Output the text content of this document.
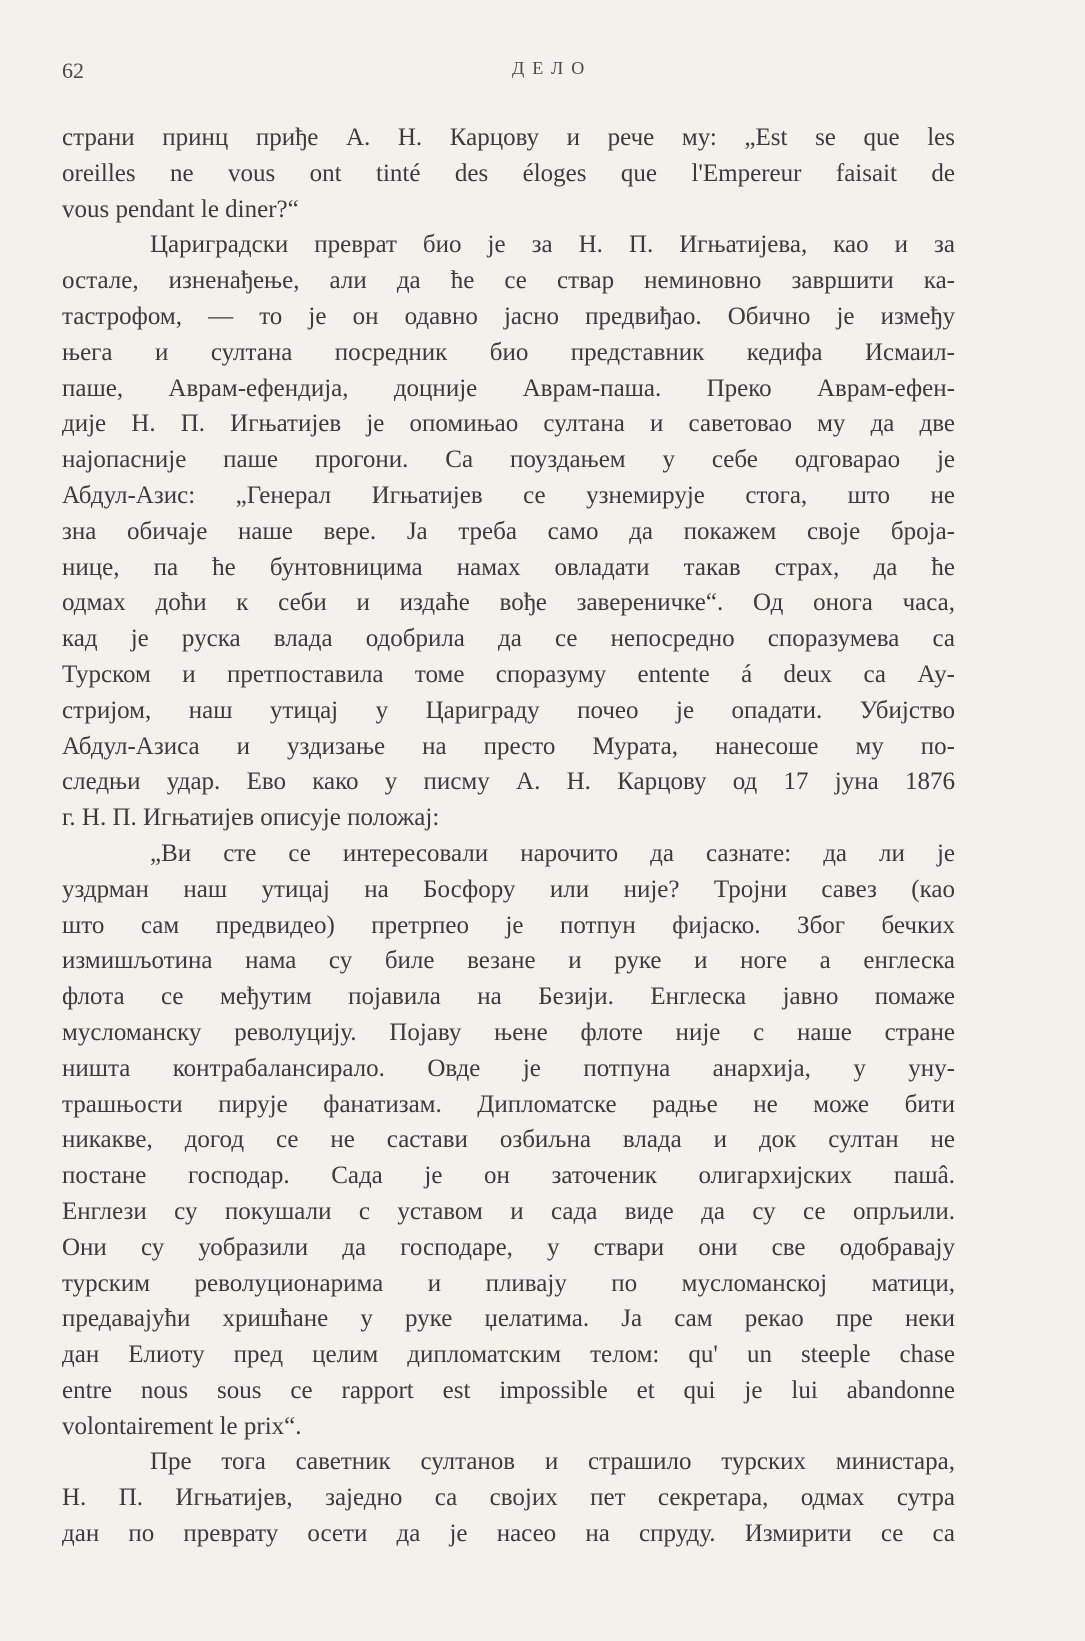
62	ДЕЛО
страни принц приђе А. Н. Карцову и рече му: „Est se que les
oreilles ne vous ont tinté des éloges que l'Empereur faisait de
vous pendant le diner?“
Цариградски преврат био је за Н. П. Игњатијева, као и за
остале, изненађење, али да ће се ствар неминовно завршити ка-
тастрофом, — то је он одавно јасно предвиђао. Обично је између
њега и султана посредник био представник кедифа Исмаил-
паше, Аврам-ефендија, доцније Аврам-паша. Преко Аврам-ефен-
дије Н. П. Игњатијев је опомињао султана и саветовао му да две
најопасније паше прогони. Са поуздањем у себе одговарао је
Абдул-Азис: „Генерал Игњатијев се узнемирује стога, што не
зна обичаје наше вере. Ја треба само да покажем своје броја-
нице, па ће бунтовницима намах овладати такав страх, да ће
одмах доћи к себи и издаће вође завереничке“. Од онога часа,
кад је руска влада одобрила да се непосредно споразумева са
Турском и претпоставила томе споразуму entente á deux са Ау-
стријом, наш утицај у Цариграду почео је опадати. Убијство
Абдул-Азиса и уздизање на престо Мурата, нанесоше му по-
следњи удар. Ево како у писму А. Н. Карцову од 17 јуна 1876
г. Н. П. Игњатијев описује положај:
„Ви сте се интересовали нарочито да сазнате: да ли је
уздрман наш утицај на Босфору или није? Тројни савез (као
што сам предвидео) претрпео је потпун фијаско. Због бечких
измишљотина нама су биле везане и руке и ноге а енглеска
флота се међутим појавила на Безији. Енглеска јавно помаже
мусломанску револуцију. Појаву њене флоте није с наше стране
ништа контрабалансирало. Овде је потпуна анархија, у уну-
трашњости пирује фанатизам. Дипломатске радње не може бити
никакве, догод се не састави озбиљна влада и док султан не
постане господар. Сада је он заточеник олигархијских пашâ.
Енглези су покушали с уставом и сада виде да су се опрљили.
Они су уобразили да господаре, у ствари они све одобравају
турским револуционарима и пливају по мусломанској матици,
предавајући хришћане у руке џелатима. Ја сам рекао пре неки
дан Елиоту пред целим дипломатским телом: qu' un steeple chase
entre nous sous ce rapport est impossible et qui je lui abandonne
volontairement le prix“.
Пре тога саветник султанов и страшило турских министара,
Н. П. Игњатијев, заједно са својих пет секретара, одмах сутра
дан по преврату осети да је насео на спруду. Измирити се са
